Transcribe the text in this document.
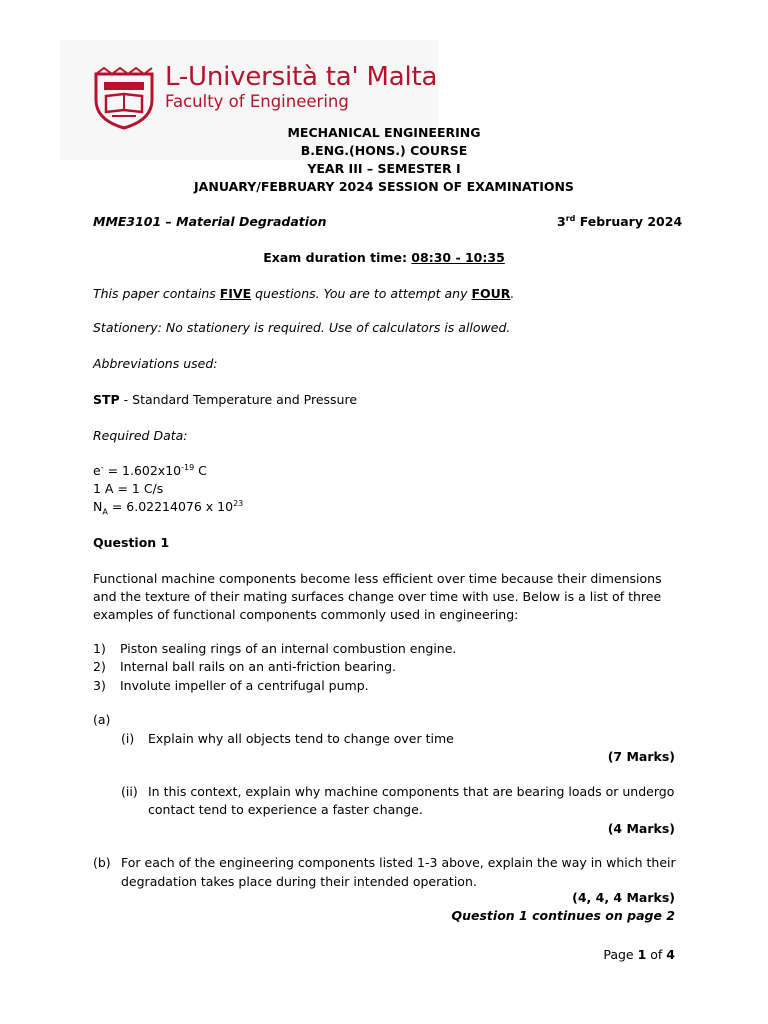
L-Università ta' Malta
Faculty of Engineering
MECHANICAL ENGINEERING
B.ENG.(HONS.) COURSE
YEAR III – SEMESTER I
JANUARY/FEBRUARY 2024 SESSION OF EXAMINATIONS
MME3101 – Material Degradation	3rd February 2024
Exam duration time: 08:30 - 10:35
This paper contains FIVE questions. You are to attempt any FOUR.
Stationery: No stationery is required. Use of calculators is allowed.
Abbreviations used:
STP - Standard Temperature and Pressure
Required Data:
$e^- = 1.602x10^{-19}$ C
1 A = 1 C/s
$N_A = 6.02214076$ x $10^{23}$
Question 1
Functional machine components become less efficient over time because their dimensions
and the texture of their mating surfaces change over time with use. Below is a list of three
examples of functional components commonly used in engineering:
1) Piston sealing rings of an internal combustion engine.
2) Internal ball rails on an anti-friction bearing.
3) Involute impeller of a centrifugal pump.
(a)
(i) Explain why all objects tend to change over time
(7 Marks)
(ii) In this context, explain why machine components that are bearing loads or undergo
contact tend to experience a faster change.
(4 Marks)
(b) For each of the engineering components listed 1-3 above, explain the way in which their
degradation takes place during their intended operation.
(4, 4, 4 Marks)
Question 1 continues on page 2
Page 1 of 4
